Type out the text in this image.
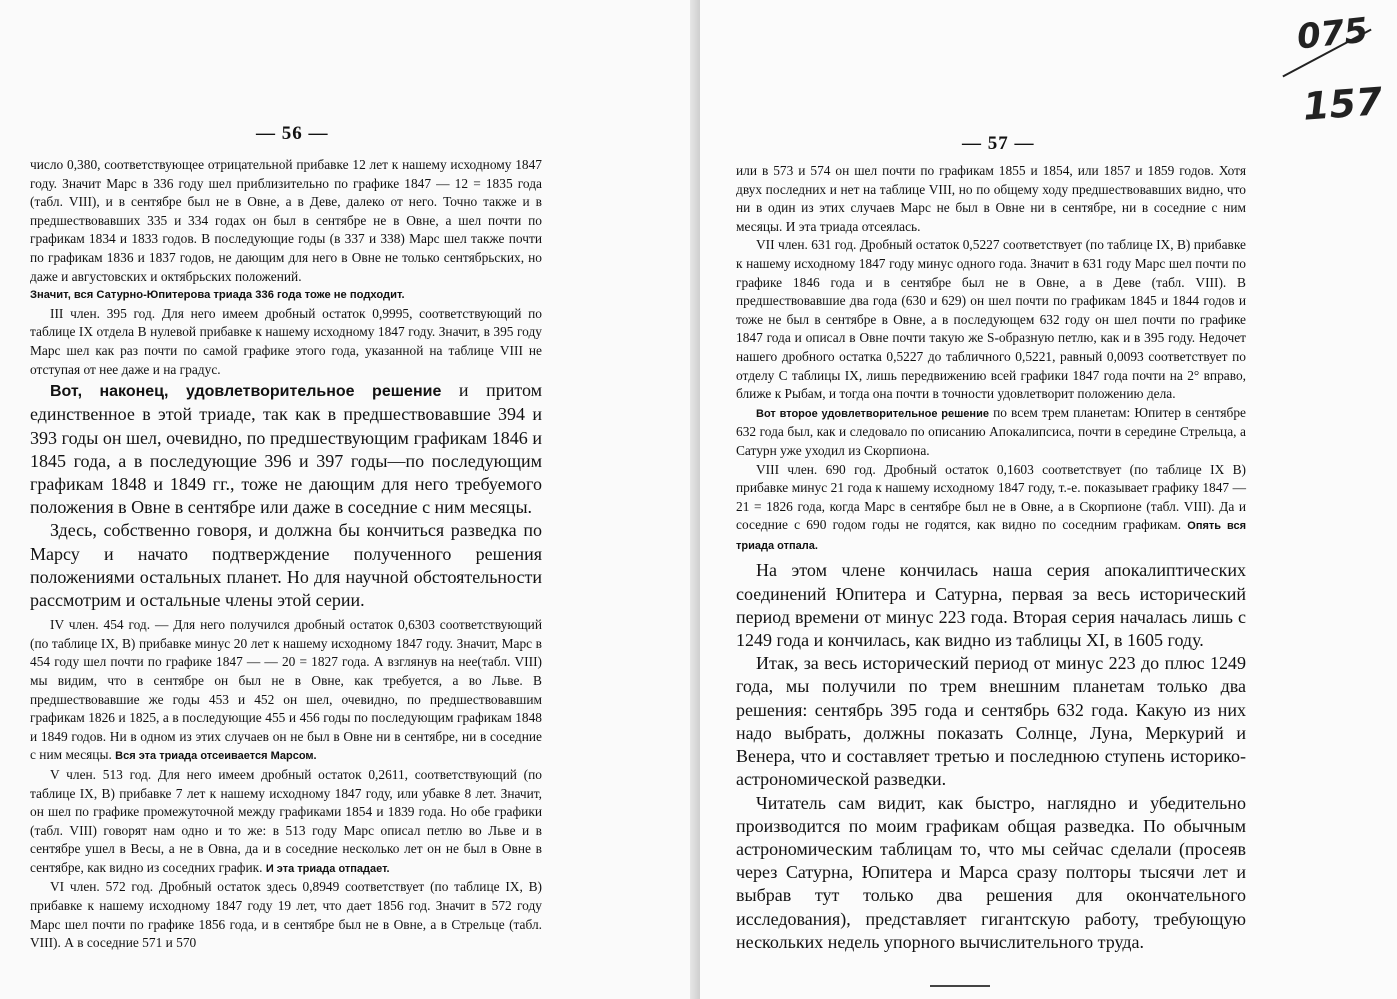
— 56 —

число 0,380, соответствующее отрицательной прибавке 12 лет к нашему исходному 1847 году. Значит Марс в 336 году шел приблизительно по графике 1847 — 12 = 1835 года (табл. VIII), и в сентябре был не в Овне, а в Деве, далеко от него. Точно также и в предшествовавших 335 и 334 годах он был в сентябре не в Овне, а шел почти по графикам 1834 и 1833 годов. В последующие годы (в 337 и 338) Марс шел также почти по графикам 1836 и 1837 годов, не дающим для него в Овне не только сентябрьских, но даже и августовских и октябрьских положений.

Значит, вся Сатурно-Юпитерова триада 336 года тоже не подходит.

III член. 395 год. Для него имеем дробный остаток 0,9995, соответствующий по таблице IX отдела В нулевой прибавке к нашему исходному 1847 году. Значит, в 395 году Марс шел как раз почти по самой графике этого года, указанной на таблице VIII не отступая от нее даже и на градус.

Вот, наконец, удовлетворительное решение и притом единственное в этой триаде, так как в предшествовавшие 394 и 393 годы он шел, очевидно, по предшествующим графикам 1846 и 1845 года, а в последующие 396 и 397 годы—по последующим графикам 1848 и 1849 гг., тоже не дающим для него требуемого положения в Овне в сентябре или даже в соседние с ним месяцы.

Здесь, собственно говоря, и должна бы кончиться разведка по Марсу и начато подтверждение полученного решения положениями остальных планет. Но для научной обстоятельности рассмотрим и остальные члены этой серии.

IV член. 454 год. — Для него получился дробный остаток 0,6303 соответствующий (по таблице IX, В) прибавке минус 20 лет к нашему исходному 1847 году. Значит, Марс в 454 году шел почти по графике 1847 — — 20 = 1827 года. А взглянув на нее(табл. VIII) мы видим, что в сентябре он был не в Овне, как требуется, а во Льве. В предшествовавшие же годы 453 и 452 он шел, очевидно, по предшествовавшим графикам 1826 и 1825, а в последующие 455 и 456 годы по последующим графикам 1848 и 1849 годов. Ни в одном из этих случаев он не был в Овне ни в сентябре, ни в соседние с ним месяцы. Вся эта триада отсеивается Марсом.

V член. 513 год. Для него имеем дробный остаток 0,2611, соответствующий (по таблице IX, В) прибавке 7 лет к нашему исходному 1847 году, или убавке 8 лет. Значит, он шел по графике промежуточной между графиками 1854 и 1839 года. Но обе графики (табл. VIII) говорят нам одно и то же: в 513 году Марс описал петлю во Льве и в сентябре ушел в Весы, а не в Овна, да и в соседние несколько лет он не был в Овне в сентябре, как видно из соседних график. И эта триада отпадает.

VI член. 572 год. Дробный остаток здесь 0,8949 соответствует (по таблице IX, В) прибавке к нашему исходному 1847 году 19 лет, что дает 1856 год. Значит в 572 году Марс шел почти по графике 1856 года, и в сентябре был не в Овне, а в Стрельце (табл. VIII). А в соседние 571 и 570

— 57 —

или в 573 и 574 он шел почти по графикам 1855 и 1854, или 1857 и 1859 годов. Хотя двух последних и нет на таблице VIII, но по общему ходу предшествовавших видно, что ни в один из этих случаев Марс не был в Овне ни в сентябре, ни в соседние с ним месяцы. И эта триада отсеялась.

VII член. 631 год. Дробный остаток 0,5227 соответствует (по таблице IX, В) прибавке к нашему исходному 1847 году минус одного года. Значит в 631 году Марс шел почти по графике 1846 года и в сентябре был не в Овне, а в Деве (табл. VIII). В предшествовавшие два года (630 и 629) он шел почти по графикам 1845 и 1844 годов и тоже не был в сентябре в Овне, а в последующем 632 году он шел почти по графике 1847 года и описал в Овне почти такую же S-образную петлю, как и в 395 году. Недочет нашего дробного остатка 0,5227 до табличного 0,5221, равный 0,0093 соответствует по отделу С таблицы IX, лишь передвижению всей графики 1847 года почти на 2° вправо, ближе к Рыбам, и тогда она почти в точности удовлетворит положению дела.

Вот второе удовлетворительное решение по всем трем планетам: Юпитер в сентябре 632 года был, как и следовало по описанию Апокалипсиса, почти в середине Стрельца, а Сатурн уже уходил из Скорпиона.

VIII член. 690 год. Дробный остаток 0,1603 соответствует (по таблице IX В) прибавке минус 21 года к нашему исходному 1847 году, т.-е. показывает графику 1847 — 21 = 1826 года, когда Марс в сентябре был не в Овне, а в Скорпионе (табл. VIII). Да и соседние с 690 годом годы не годятся, как видно по соседним графикам. Опять вся триада отпала.

На этом члене кончилась наша серия апокалиптических соединений Юпитера и Сатурна, первая за весь исторический период времени от минус 223 года. Вторая серия началась лишь с 1249 года и кончилась, как видно из таблицы XI, в 1605 году.

Итак, за весь исторический период от минус 223 до плюс 1249 года, мы получили по трем внешним планетам только два решения: сентябрь 395 года и сентябрь 632 года. Какую из них надо выбрать, должны показать Солнце, Луна, Меркурий и Венера, что и составляет третью и последнюю ступень историко-астрономической разведки.

Читатель сам видит, как быстро, наглядно и убедительно производится по моим графикам общая разведка. По обычным астрономическим таблицам то, что мы сейчас сделали (просеяв через Сатурна, Юпитера и Марса сразу полторы тысячи лет и выбрав тут только два решения для окончательного исследования), представляет гигантскую работу, требующую нескольких недель упорного вычислительного труда.

075
157
